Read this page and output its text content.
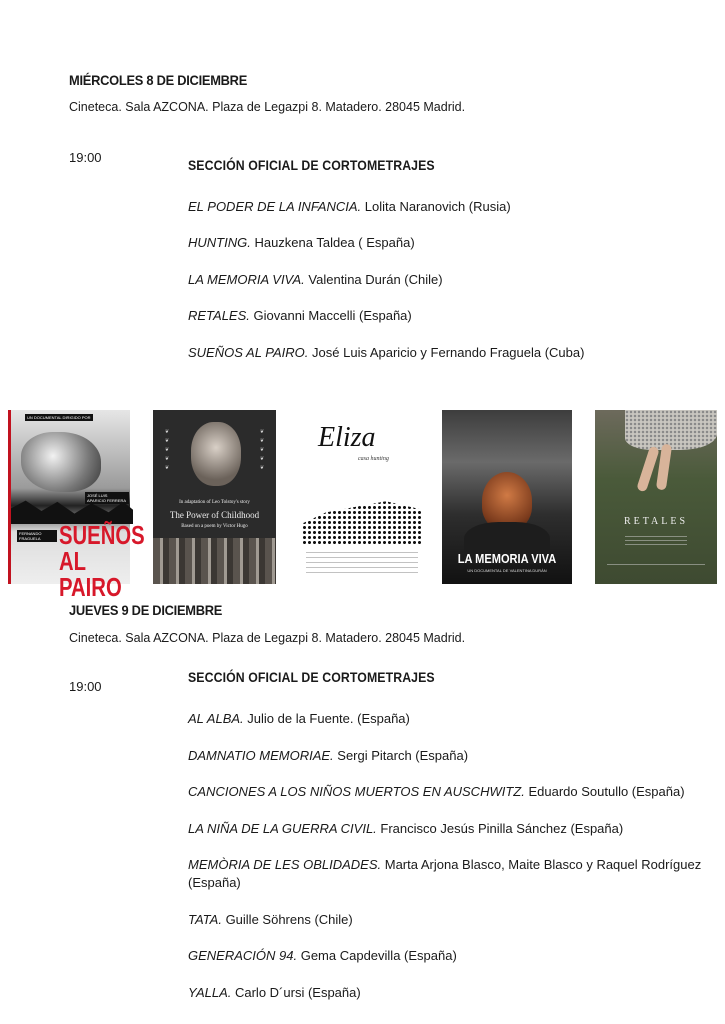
MIÉRCOLES 8 DE DICIEMBRE

Cineteca. Sala AZCONA. Plaza de Legazpi 8. Matadero. 28045 Madrid.

19:00	SECCIÓN OFICIAL DE CORTOMETRAJES

EL PODER DE LA INFANCIA. Lolita Naranovich (Rusia)

HUNTING. Hauzkena Taldea ( España)

LA MEMORIA VIVA. Valentina Durán (Chile)

RETALES. Giovanni Maccelli (España)

SUEÑOS AL PAIRO. José Luis Aparicio y Fernando Fraguela (Cuba)

UN DOCUMENTAL DIRIGIDO POR
JOSÉ LUIS APARICIO FERRERA
FERNANDO FRAGUELA SUEÑOS AL PAIRO
❦
❦
❦
❦
❦
❦
❦
❦
❦
❦
In adaptation of Leo Tolstoy's story
The Power of Childhood
Based on a poem by Victor Hugo
Eliza
casa hunting
LA MEMORIA VIVA
UN DOCUMENTAL DE VALENTINA DURÁN
RETALES
JUEVES 9 DE DICIEMBRE

Cineteca. Sala AZCONA. Plaza de Legazpi 8. Matadero. 28045 Madrid.

19:00

SECCIÓN OFICIAL DE CORTOMETRAJES

AL ALBA. Julio de la Fuente. (España)

DAMNATIO MEMORIAE. Sergi Pitarch (España)

CANCIONES A LOS NIÑOS MUERTOS EN AUSCHWITZ. Eduardo Soutullo (España)

LA NIÑA DE LA GUERRA CIVIL. Francisco Jesús Pinilla Sánchez (España)

MEMÒRIA DE LES OBLIDADES. Marta Arjona Blasco, Maite Blasco y Raquel Rodríguez (España)

TATA. Guille Söhrens (Chile)

GENERACIÓN 94. Gema Capdevilla (España)

YALLA. Carlo D´ursi (España)
